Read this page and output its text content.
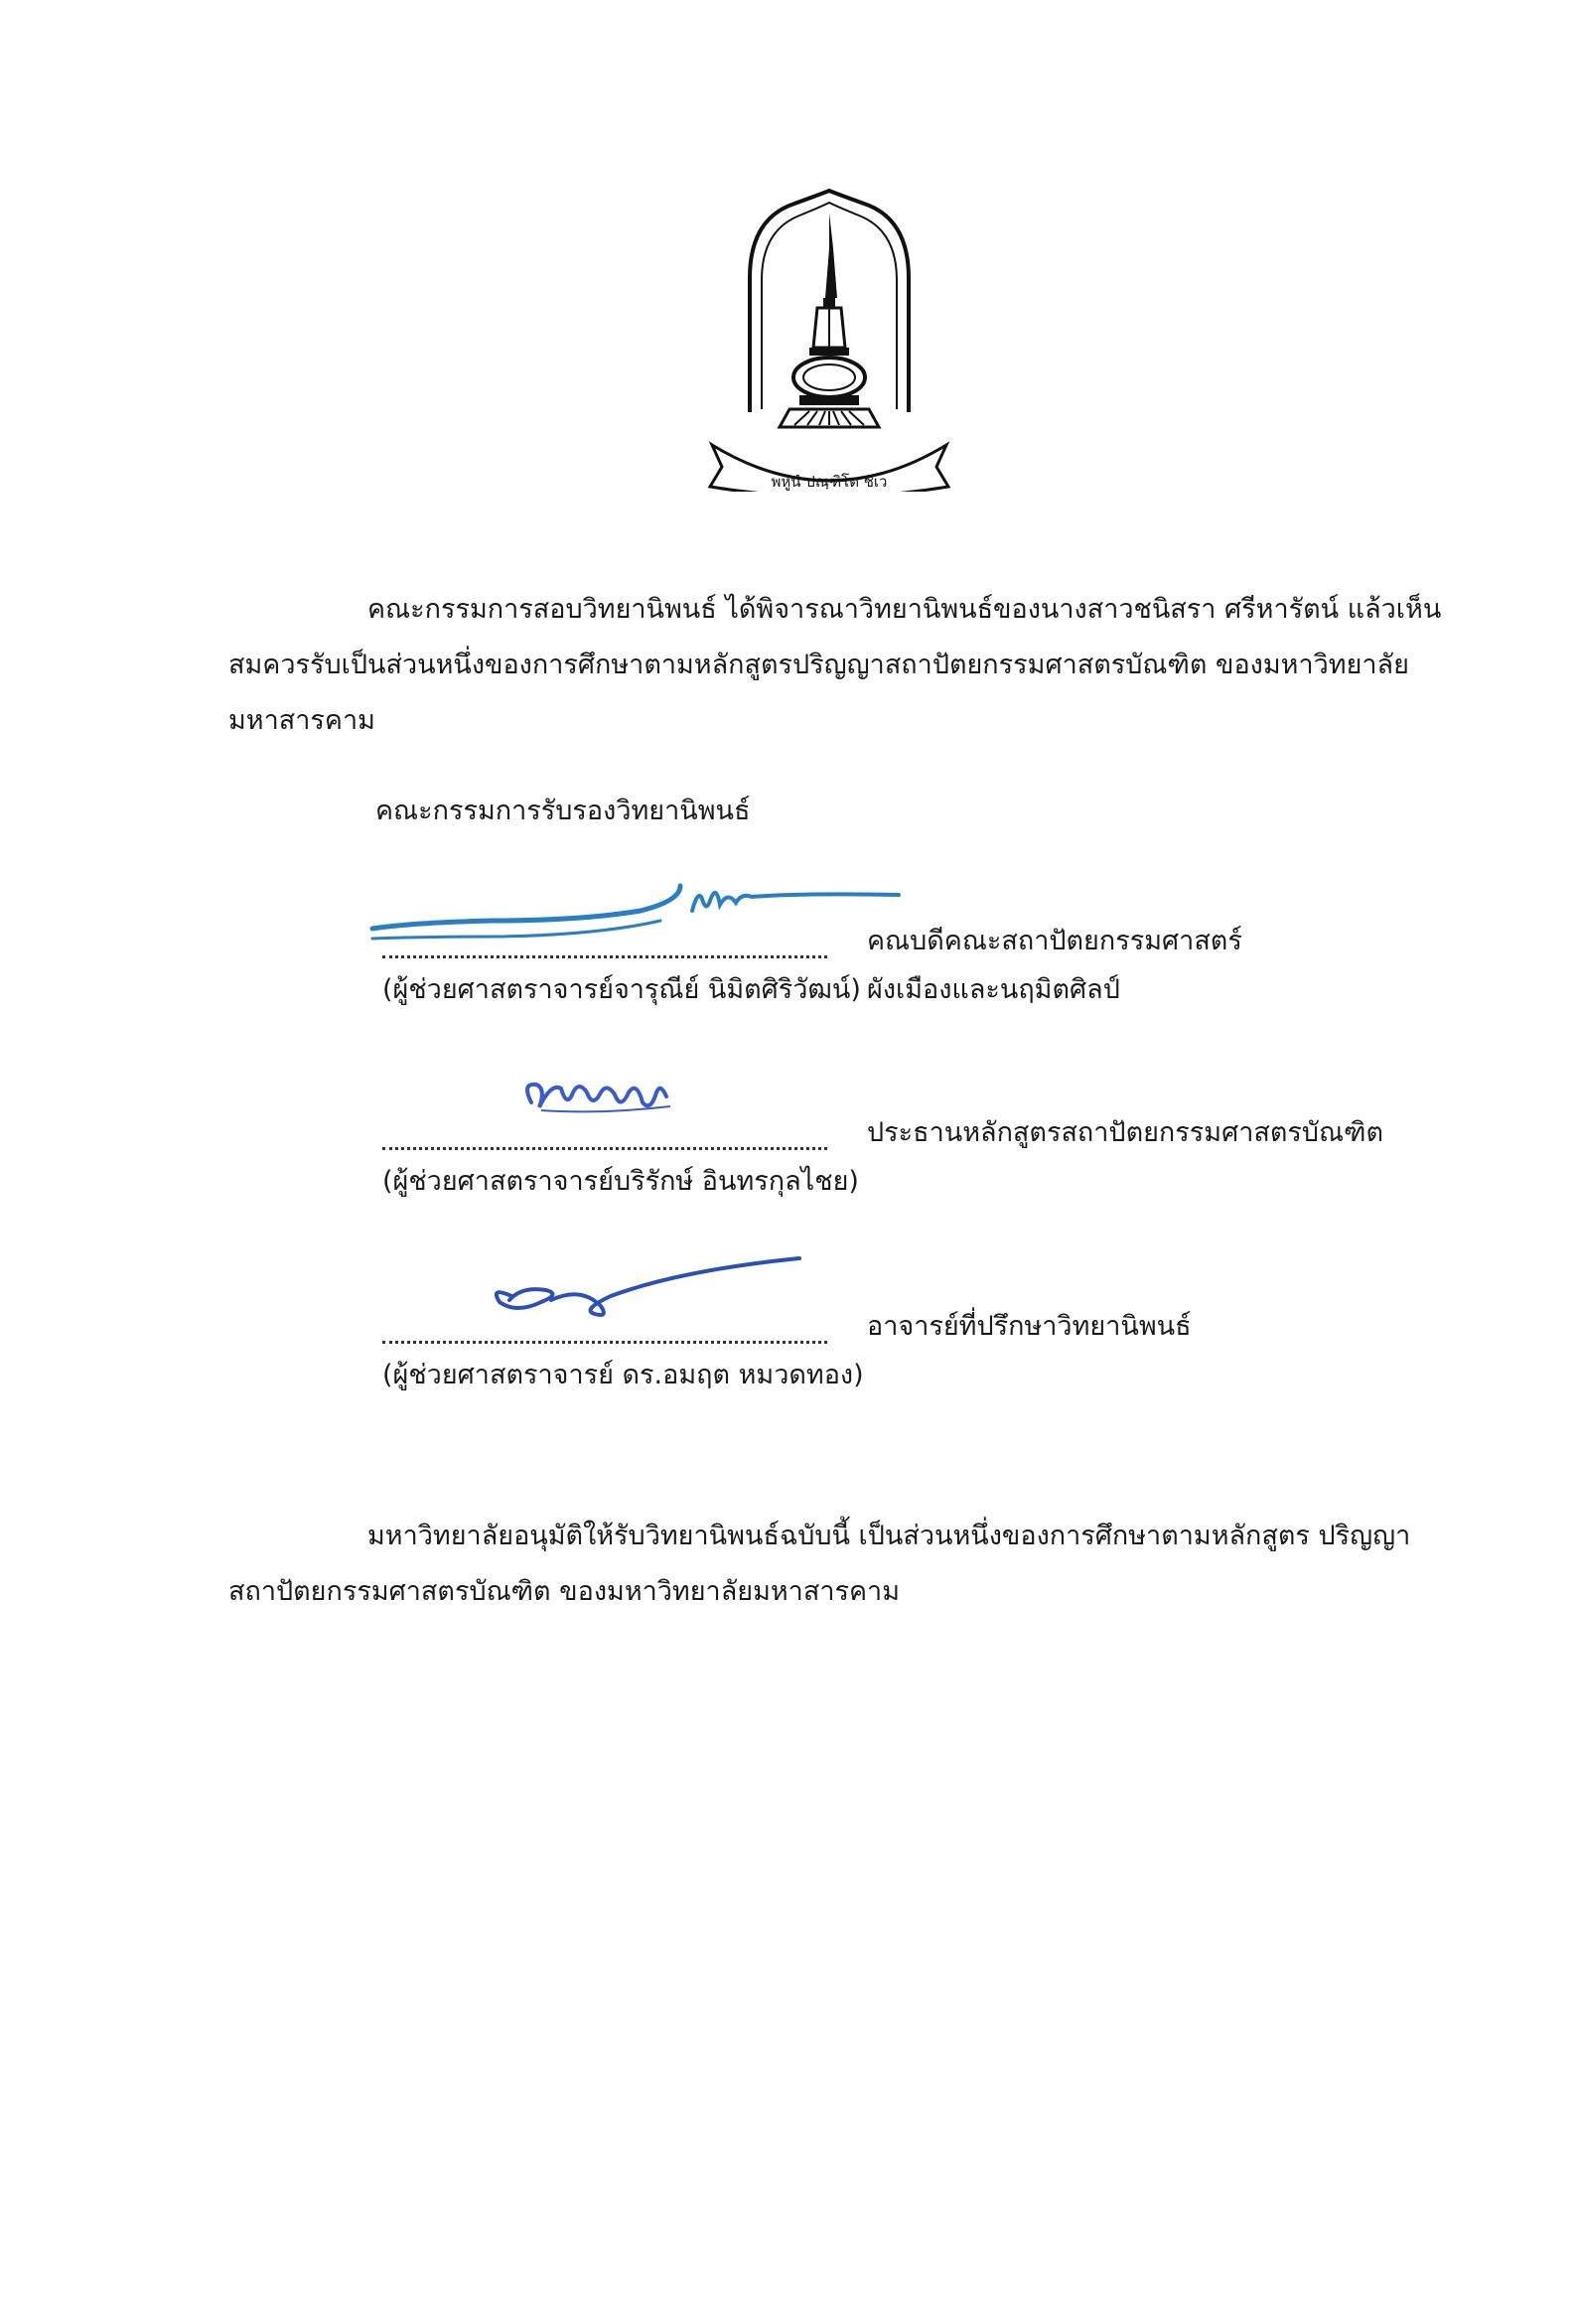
พหูนํ ปณฺฑิโต ชีเว

คณะกรรมการสอบวิทยานิพนธ์ ได้พิจารณาวิทยานิพนธ์ของนางสาวชนิสรา ศรีหารัตน์ แล้วเห็นสมควรรับเป็นส่วนหนึ่งของการศึกษาตามหลักสูตรปริญญาสถาปัตยกรรมศาสตรบัณฑิต ของมหาวิทยาลัยมหาสารคาม

คณะกรรมการรับรองวิทยานิพนธ์
(ผู้ช่วยศาสตราจารย์จารุณีย์ นิมิตศิริวัฒน์)
คณบดีคณะสถาปัตยกรรมศาสตร์
ผังเมืองและนฤมิตศิลป์
(ผู้ช่วยศาสตราจารย์บริรักษ์ อินทรกุลไชย)
ประธานหลักสูตรสถาปัตยกรรมศาสตรบัณฑิต
(ผู้ช่วยศาสตราจารย์ ดร.อมฤต หมวดทอง)
อาจารย์ที่ปรึกษาวิทยานิพนธ์

มหาวิทยาลัยอนุมัติให้รับวิทยานิพนธ์ฉบับนี้ เป็นส่วนหนึ่งของการศึกษาตามหลักสูตร ปริญญาสถาปัตยกรรมศาสตรบัณฑิต ของมหาวิทยาลัยมหาสารคาม
